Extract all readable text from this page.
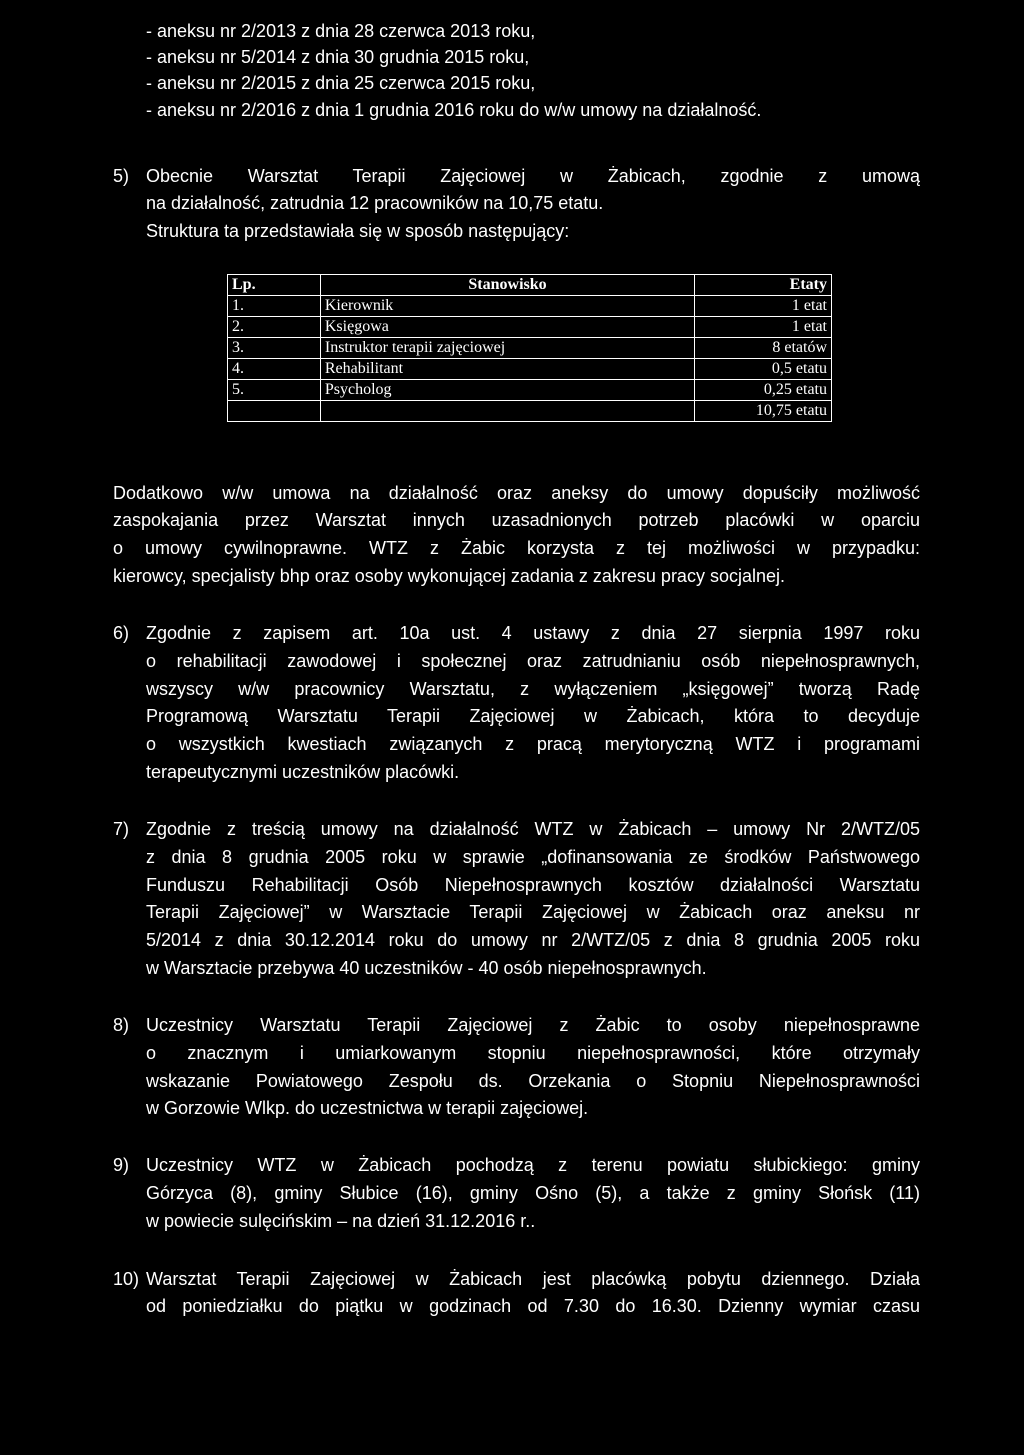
- aneksu nr 2/2013 z dnia 28 czerwca 2013 roku,
- aneksu nr 5/2014 z dnia 30 grudnia 2015 roku,
- aneksu nr 2/2015 z dnia 25 czerwca 2015 roku,
- aneksu nr 2/2016 z dnia 1 grudnia 2016 roku do w/w umowy na działalność.
5) Obecnie Warsztat Terapii Zajęciowej w Żabicach, zgodnie z umową
na działalność, zatrudnia 12 pracowników na 10,75 etatu.
Struktura ta przedstawiała się w sposób następujący:
Lp.	Stanowisko	Etaty
1.	Kierownik	1 etat
2.	Księgowa	1 etat
3.	Instruktor terapii zajęciowej	8 etatów
4.	Rehabilitant	0,5 etatu
5.	Psycholog	0,25 etatu
		10,75 etatu
Dodatkowo w/w umowa na działalność oraz aneksy do umowy dopuściły możliwość
zaspokajania przez Warsztat innych uzasadnionych potrzeb placówki w oparciu
o umowy cywilnoprawne. WTZ z Żabic korzysta z tej możliwości w przypadku:
kierowcy, specjalisty bhp oraz osoby wykonującej zadania z zakresu pracy socjalnej.
6) Zgodnie z zapisem art. 10a ust. 4 ustawy z dnia 27 sierpnia 1997 roku
o rehabilitacji zawodowej i społecznej oraz zatrudnianiu osób niepełnosprawnych,
wszyscy w/w pracownicy Warsztatu, z wyłączeniem „księgowej” tworzą Radę
Programową Warsztatu Terapii Zajęciowej w Żabicach, która to decyduje
o wszystkich kwestiach związanych z pracą merytoryczną WTZ i programami
terapeutycznymi uczestników placówki.
7) Zgodnie z treścią umowy na działalność WTZ w Żabicach – umowy Nr 2/WTZ/05
z dnia 8 grudnia 2005 roku w sprawie „dofinansowania ze środków Państwowego
Funduszu Rehabilitacji Osób Niepełnosprawnych kosztów działalności Warsztatu
Terapii Zajęciowej” w Warsztacie Terapii Zajęciowej w Żabicach oraz aneksu nr
5/2014 z dnia 30.12.2014 roku do umowy nr 2/WTZ/05 z dnia 8 grudnia 2005 roku
w Warsztacie przebywa 40 uczestników - 40 osób niepełnosprawnych.
8) Uczestnicy Warsztatu Terapii Zajęciowej z Żabic to osoby niepełnosprawne
o znacznym i umiarkowanym stopniu niepełnosprawności, które otrzymały
wskazanie Powiatowego Zespołu ds. Orzekania o Stopniu Niepełnosprawności
w Gorzowie Wlkp. do uczestnictwa w terapii zajęciowej.
9) Uczestnicy WTZ w Żabicach pochodzą z terenu powiatu słubickiego: gminy
Górzyca (8), gminy Słubice (16), gminy Ośno (5), a także z gminy Słońsk (11)
w powiecie sulęcińskim – na dzień 31.12.2016 r..
10) Warsztat Terapii Zajęciowej w Żabicach jest placówką pobytu dziennego. Działa
od poniedziałku do piątku w godzinach od 7.30 do 16.30. Dzienny wymiar czasu
